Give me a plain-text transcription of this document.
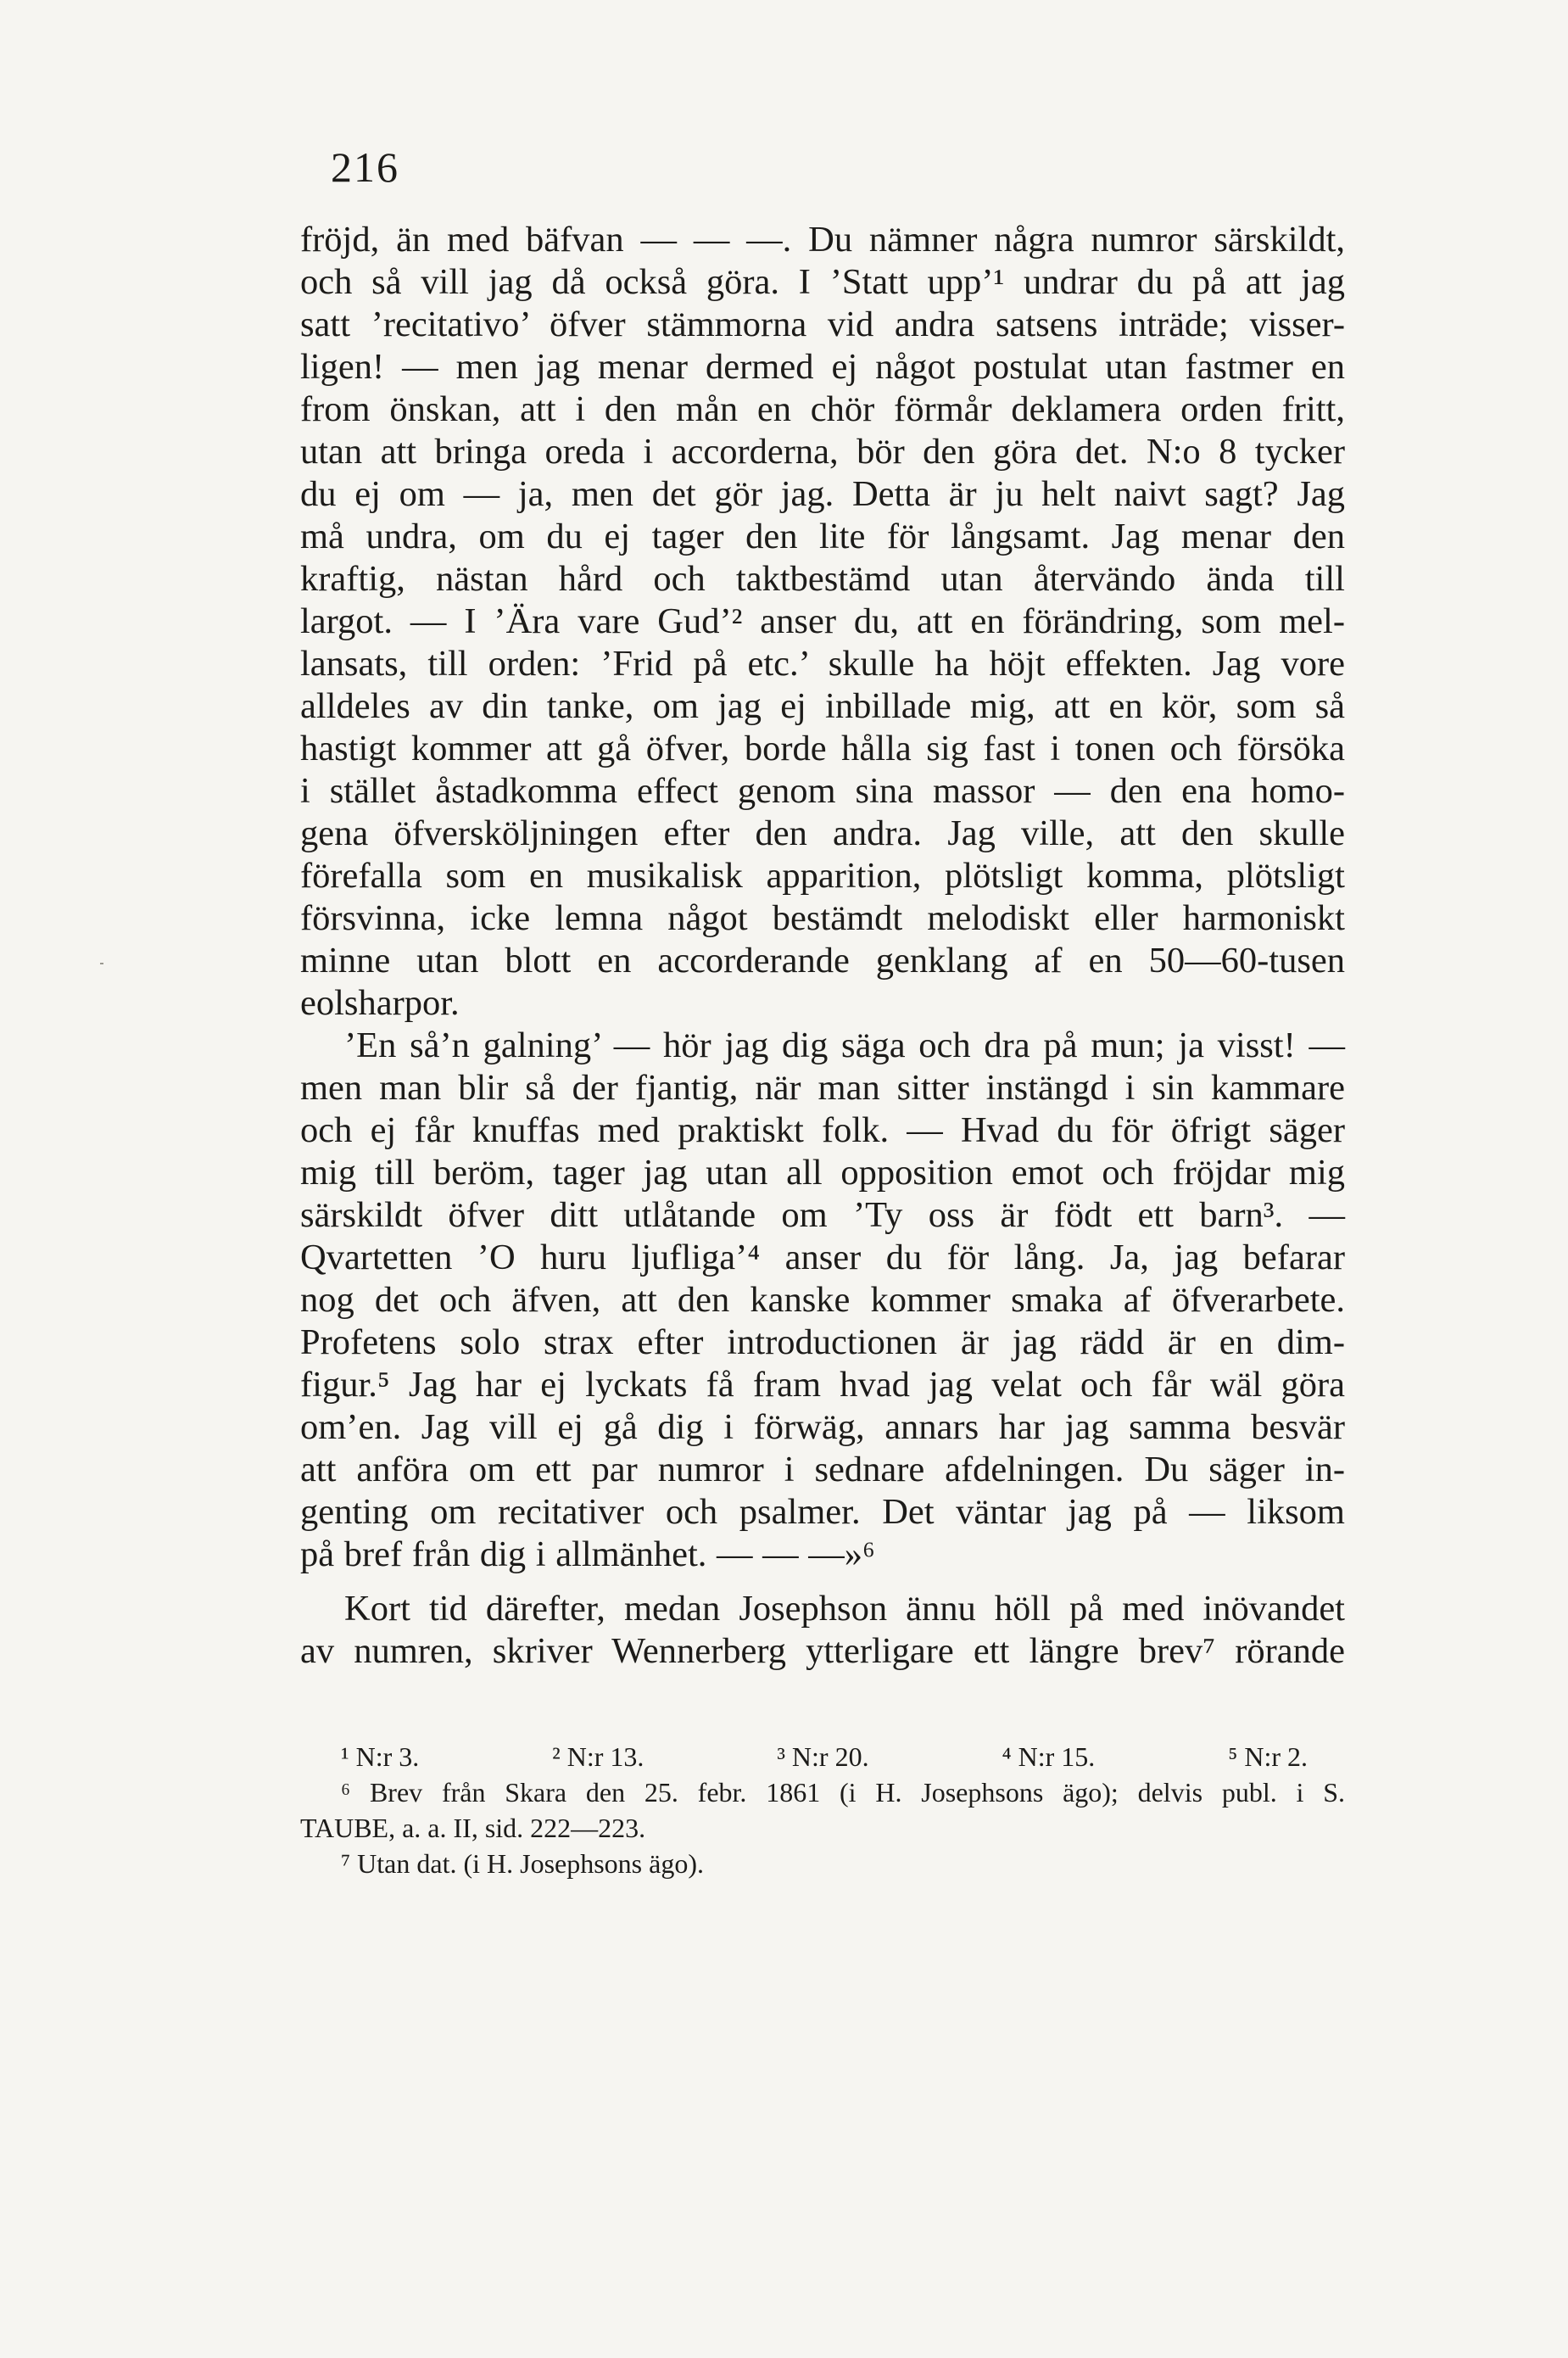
216
fröjd, än med bäfvan — — —. Du nämner några numror särskildt,
och så vill jag då också göra. I ’Statt upp’¹ undrar du på att jag
satt ’recitativo’ öfver stämmorna vid andra satsens inträde; visser-
ligen! — men jag menar dermed ej något postulat utan fastmer en
from önskan, att i den mån en chör förmår deklamera orden fritt,
utan att bringa oreda i accorderna, bör den göra det. N:o 8 tycker
du ej om — ja, men det gör jag. Detta är ju helt naivt sagt? Jag
må undra, om du ej tager den lite för långsamt. Jag menar den
kraftig, nästan hård och taktbestämd utan återvändo ända till
largot. — I ’Ära vare Gud’² anser du, att en förändring, som mel-
lansats, till orden: ’Frid på etc.’ skulle ha höjt effekten. Jag vore
alldeles av din tanke, om jag ej inbillade mig, att en kör, som så
hastigt kommer att gå öfver, borde hålla sig fast i tonen och försöka
i stället åstadkomma effect genom sina massor — den ena homo-
gena öfversköljningen efter den andra. Jag ville, att den skulle
förefalla som en musikalisk apparition, plötsligt komma, plötsligt
försvinna, icke lemna något bestämdt melodiskt eller harmoniskt
minne utan blott en accorderande genklang af en 50—60-tusen
eolsharpor.
’En så’n galning’ — hör jag dig säga och dra på mun; ja visst! —
men man blir så der fjantig, när man sitter instängd i sin kammare
och ej får knuffas med praktiskt folk. — Hvad du för öfrigt säger
mig till beröm, tager jag utan all opposition emot och fröjdar mig
särskildt öfver ditt utlåtande om ’Ty oss är födt ett barn³. —
Qvartetten ’O huru ljufliga’⁴ anser du för lång. Ja, jag befarar
nog det och äfven, att den kanske kommer smaka af öfverarbete.
Profetens solo strax efter introductionen är jag rädd är en dim-
figur.⁵ Jag har ej lyckats få fram hvad jag velat och får wäl göra
om’en. Jag vill ej gå dig i förwäg, annars har jag samma besvär
att anföra om ett par numror i sednare afdelningen. Du säger in-
genting om recitativer och psalmer. Det väntar jag på — liksom
på bref från dig i allmänhet. — — —»⁶
Kort tid därefter, medan Josephson ännu höll på med inövandet
av numren, skriver Wennerberg ytterligare ett längre brev⁷ rörande
¹ N:r 3.	² N:r 13.	³ N:r 20.	⁴ N:r 15.	⁵ N:r 2.
⁶ Brev från Skara den 25. febr. 1861 (i H. Josephsons ägo); delvis publ. i S.
TAUBE, a. a. II, sid. 222—223.
⁷ Utan dat. (i H. Josephsons ägo).
